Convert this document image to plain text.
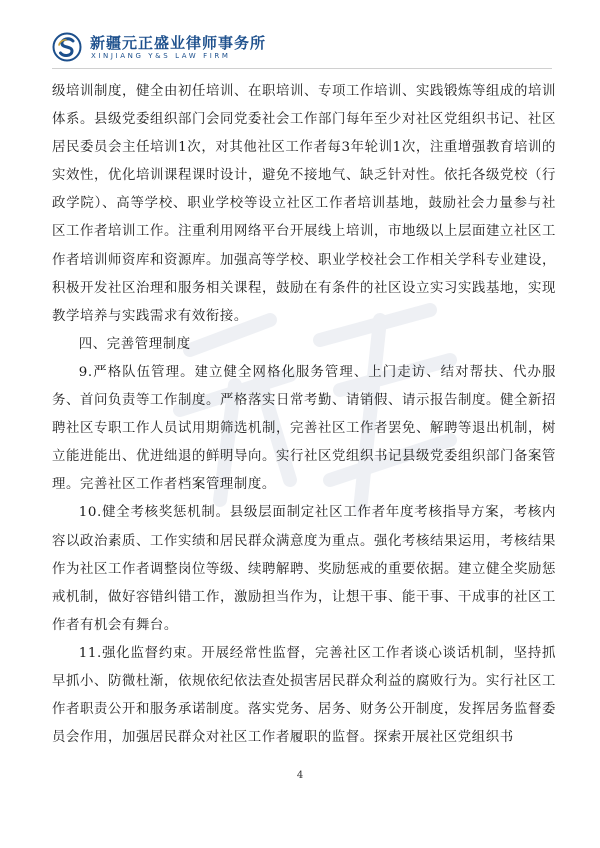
新疆元正盛业律师事务所
XINJIANG Y&S LAW FIRM

级培训制度，健全由初任培训、在职培训、专项工作培训、实践锻炼等组成的培训体系。县级党委组织部门会同党委社会工作部门每年至少对社区党组织书记、社区居民委员会主任培训1次，对其他社区工作者每3年轮训1次，注重增强教育培训的实效性，优化培训课程课时设计，避免不接地气、缺乏针对性。依托各级党校（行政学院）、高等学校、职业学校等设立社区工作者培训基地，鼓励社会力量参与社区工作者培训工作。注重利用网络平台开展线上培训，市地级以上层面建立社区工作者培训师资库和资源库。加强高等学校、职业学校社会工作相关学科专业建设，积极开发社区治理和服务相关课程，鼓励在有条件的社区设立实习实践基地，实现教学培养与实践需求有效衔接。

四、完善管理制度

9.严格队伍管理。建立健全网格化服务管理、上门走访、结对帮扶、代办服务、首问负责等工作制度。严格落实日常考勤、请销假、请示报告制度。健全新招聘社区专职工作人员试用期筛选机制，完善社区工作者罢免、解聘等退出机制，树立能进能出、优进绌退的鲜明导向。实行社区党组织书记县级党委组织部门备案管理。完善社区工作者档案管理制度。

10.健全考核奖惩机制。县级层面制定社区工作者年度考核指导方案，考核内容以政治素质、工作实绩和居民群众满意度为重点。强化考核结果运用，考核结果作为社区工作者调整岗位等级、续聘解聘、奖励惩戒的重要依据。建立健全奖励惩戒机制，做好容错纠错工作，激励担当作为，让想干事、能干事、干成事的社区工作者有机会有舞台。

11.强化监督约束。开展经常性监督，完善社区工作者谈心谈话机制，坚持抓早抓小、防微杜渐，依规依纪依法查处损害居民群众利益的腐败行为。实行社区工作者职责公开和服务承诺制度。落实党务、居务、财务公开制度，发挥居务监督委员会作用，加强居民群众对社区工作者履职的监督。探索开展社区党组织书

4
